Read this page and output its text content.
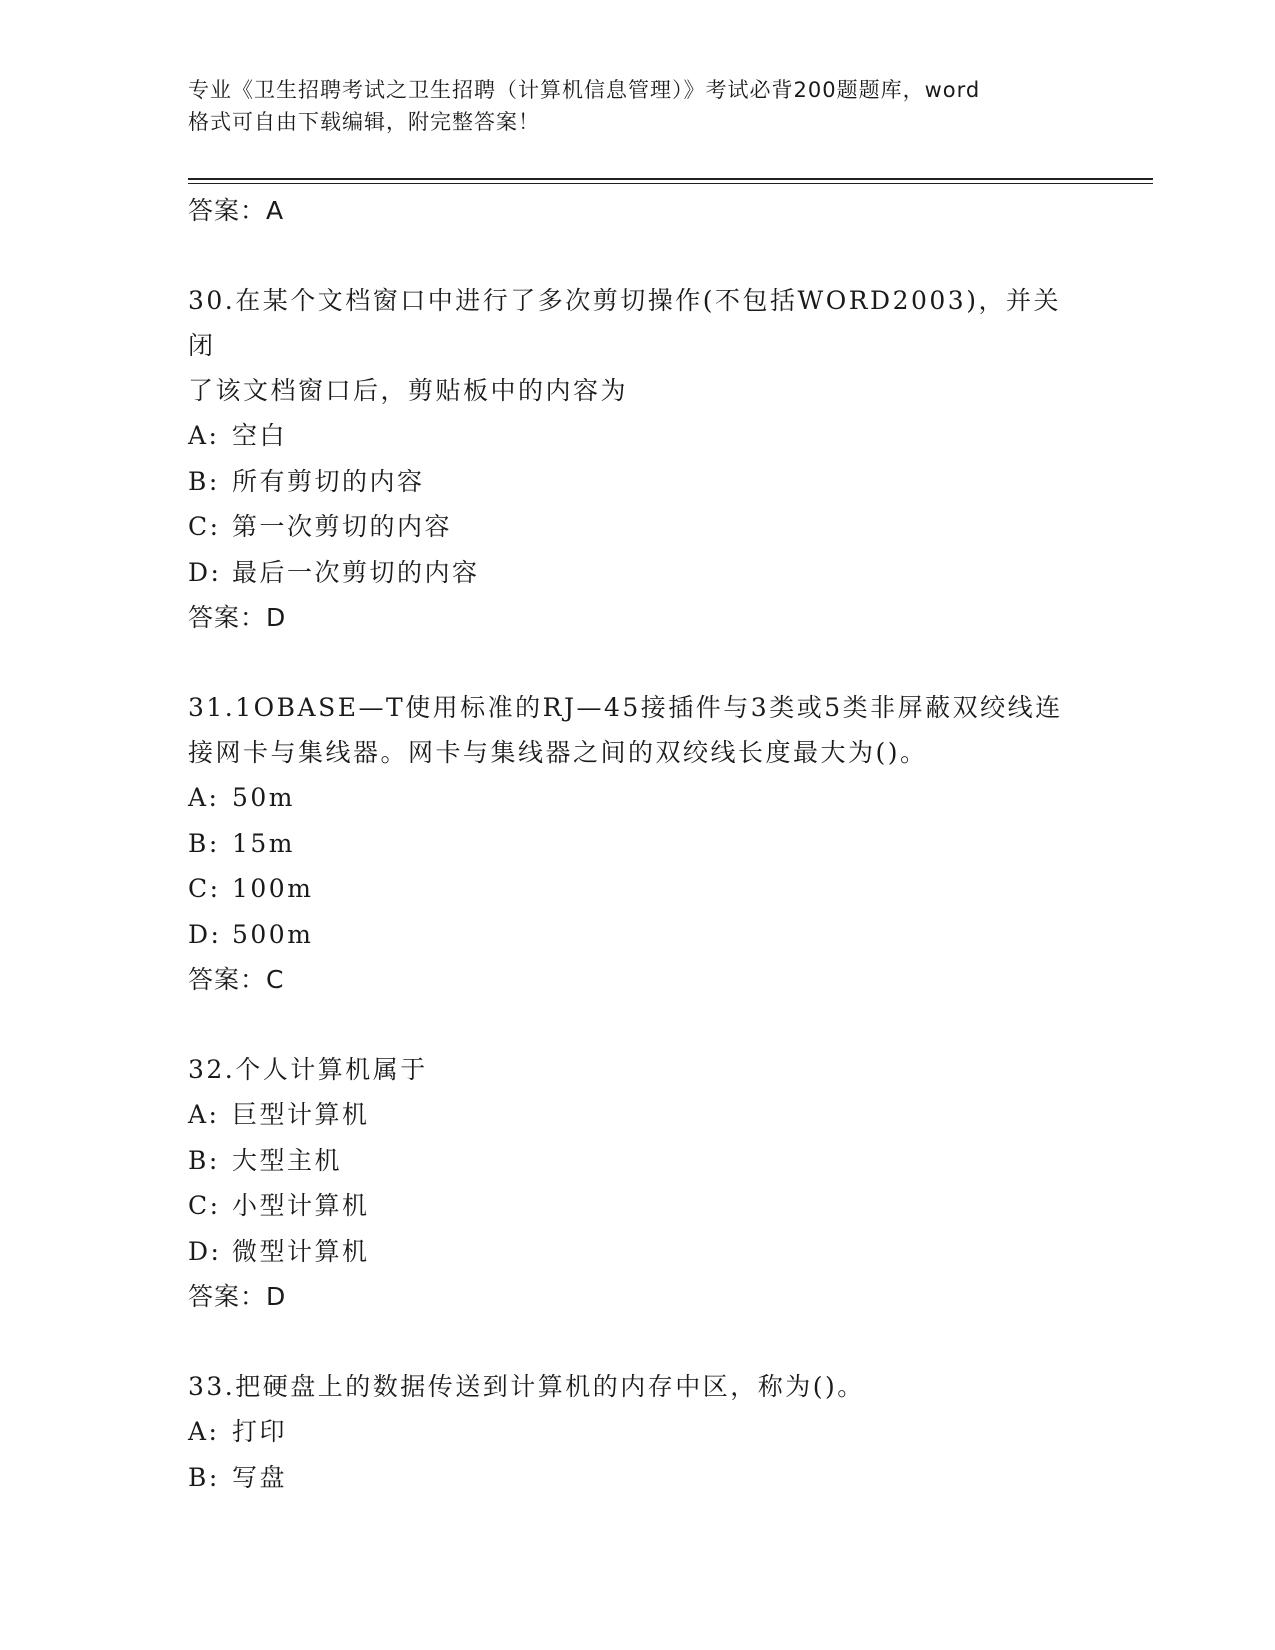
专业《卫生招聘考试之卫生招聘（计算机信息管理）》考试必背200题题库，word
格式可自由下载编辑，附完整答案！
答案：A
30.在某个文档窗口中进行了多次剪切操作(不包括WORD2003)，并关闭
了该文档窗口后，剪贴板中的内容为
A: 空白
B: 所有剪切的内容
C: 第一次剪切的内容
D: 最后一次剪切的内容
答案：D
31.1OBASE—T使用标准的RJ—45接插件与3类或5类非屏蔽双绞线连
接网卡与集线器。网卡与集线器之间的双绞线长度最大为()。
A: 50m
B: 15m
C: 100m
D: 500m
答案：C
32.个人计算机属于
A: 巨型计算机
B: 大型主机
C: 小型计算机
D: 微型计算机
答案：D
33.把硬盘上的数据传送到计算机的内存中区，称为()。
A: 打印
B: 写盘
